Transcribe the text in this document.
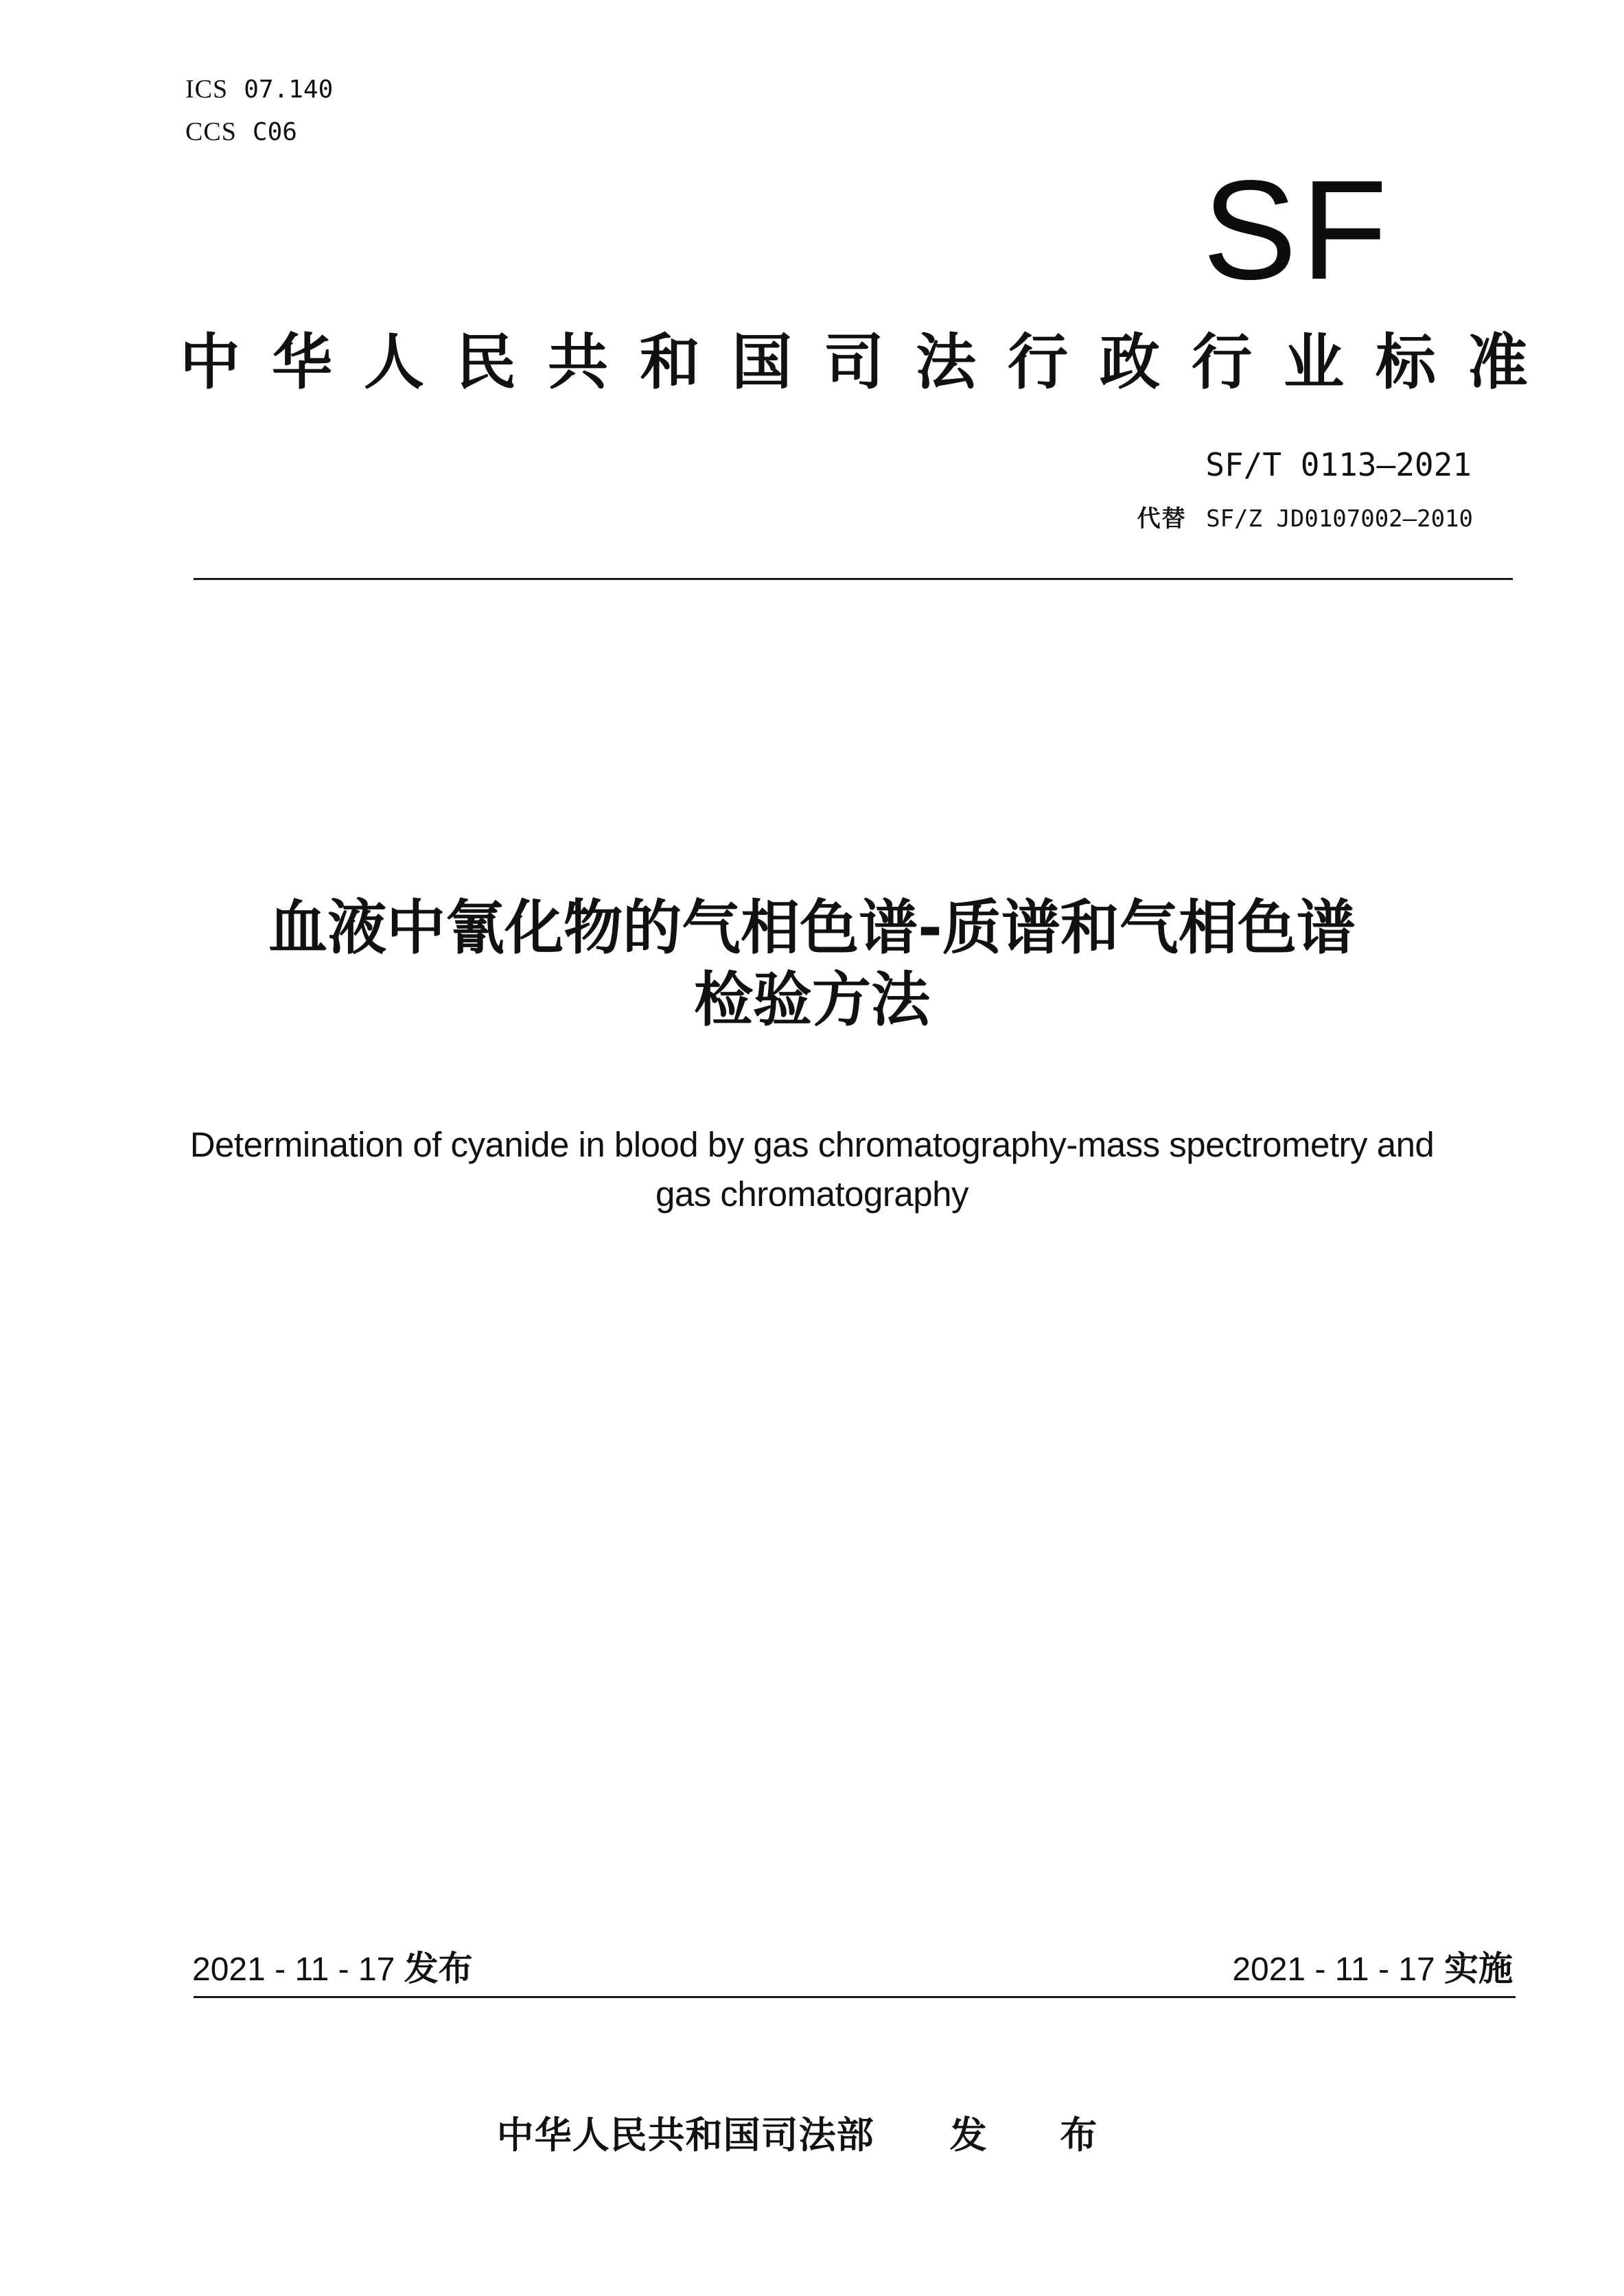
ICS 07.140
CCS C06
SF
中华人民共和国司法行政行业标准
SF/T 0113—2021
代替 SF/Z JD0107002—2010
血液中氰化物的气相色谱-质谱和气相色谱
检验方法
Determination of cyanide in blood by gas chromatography-mass spectrometry and
gas chromatography
2021 - 11 - 17 发布	2021 - 11 - 17 实施
中华人民共和国司法部 发 布
